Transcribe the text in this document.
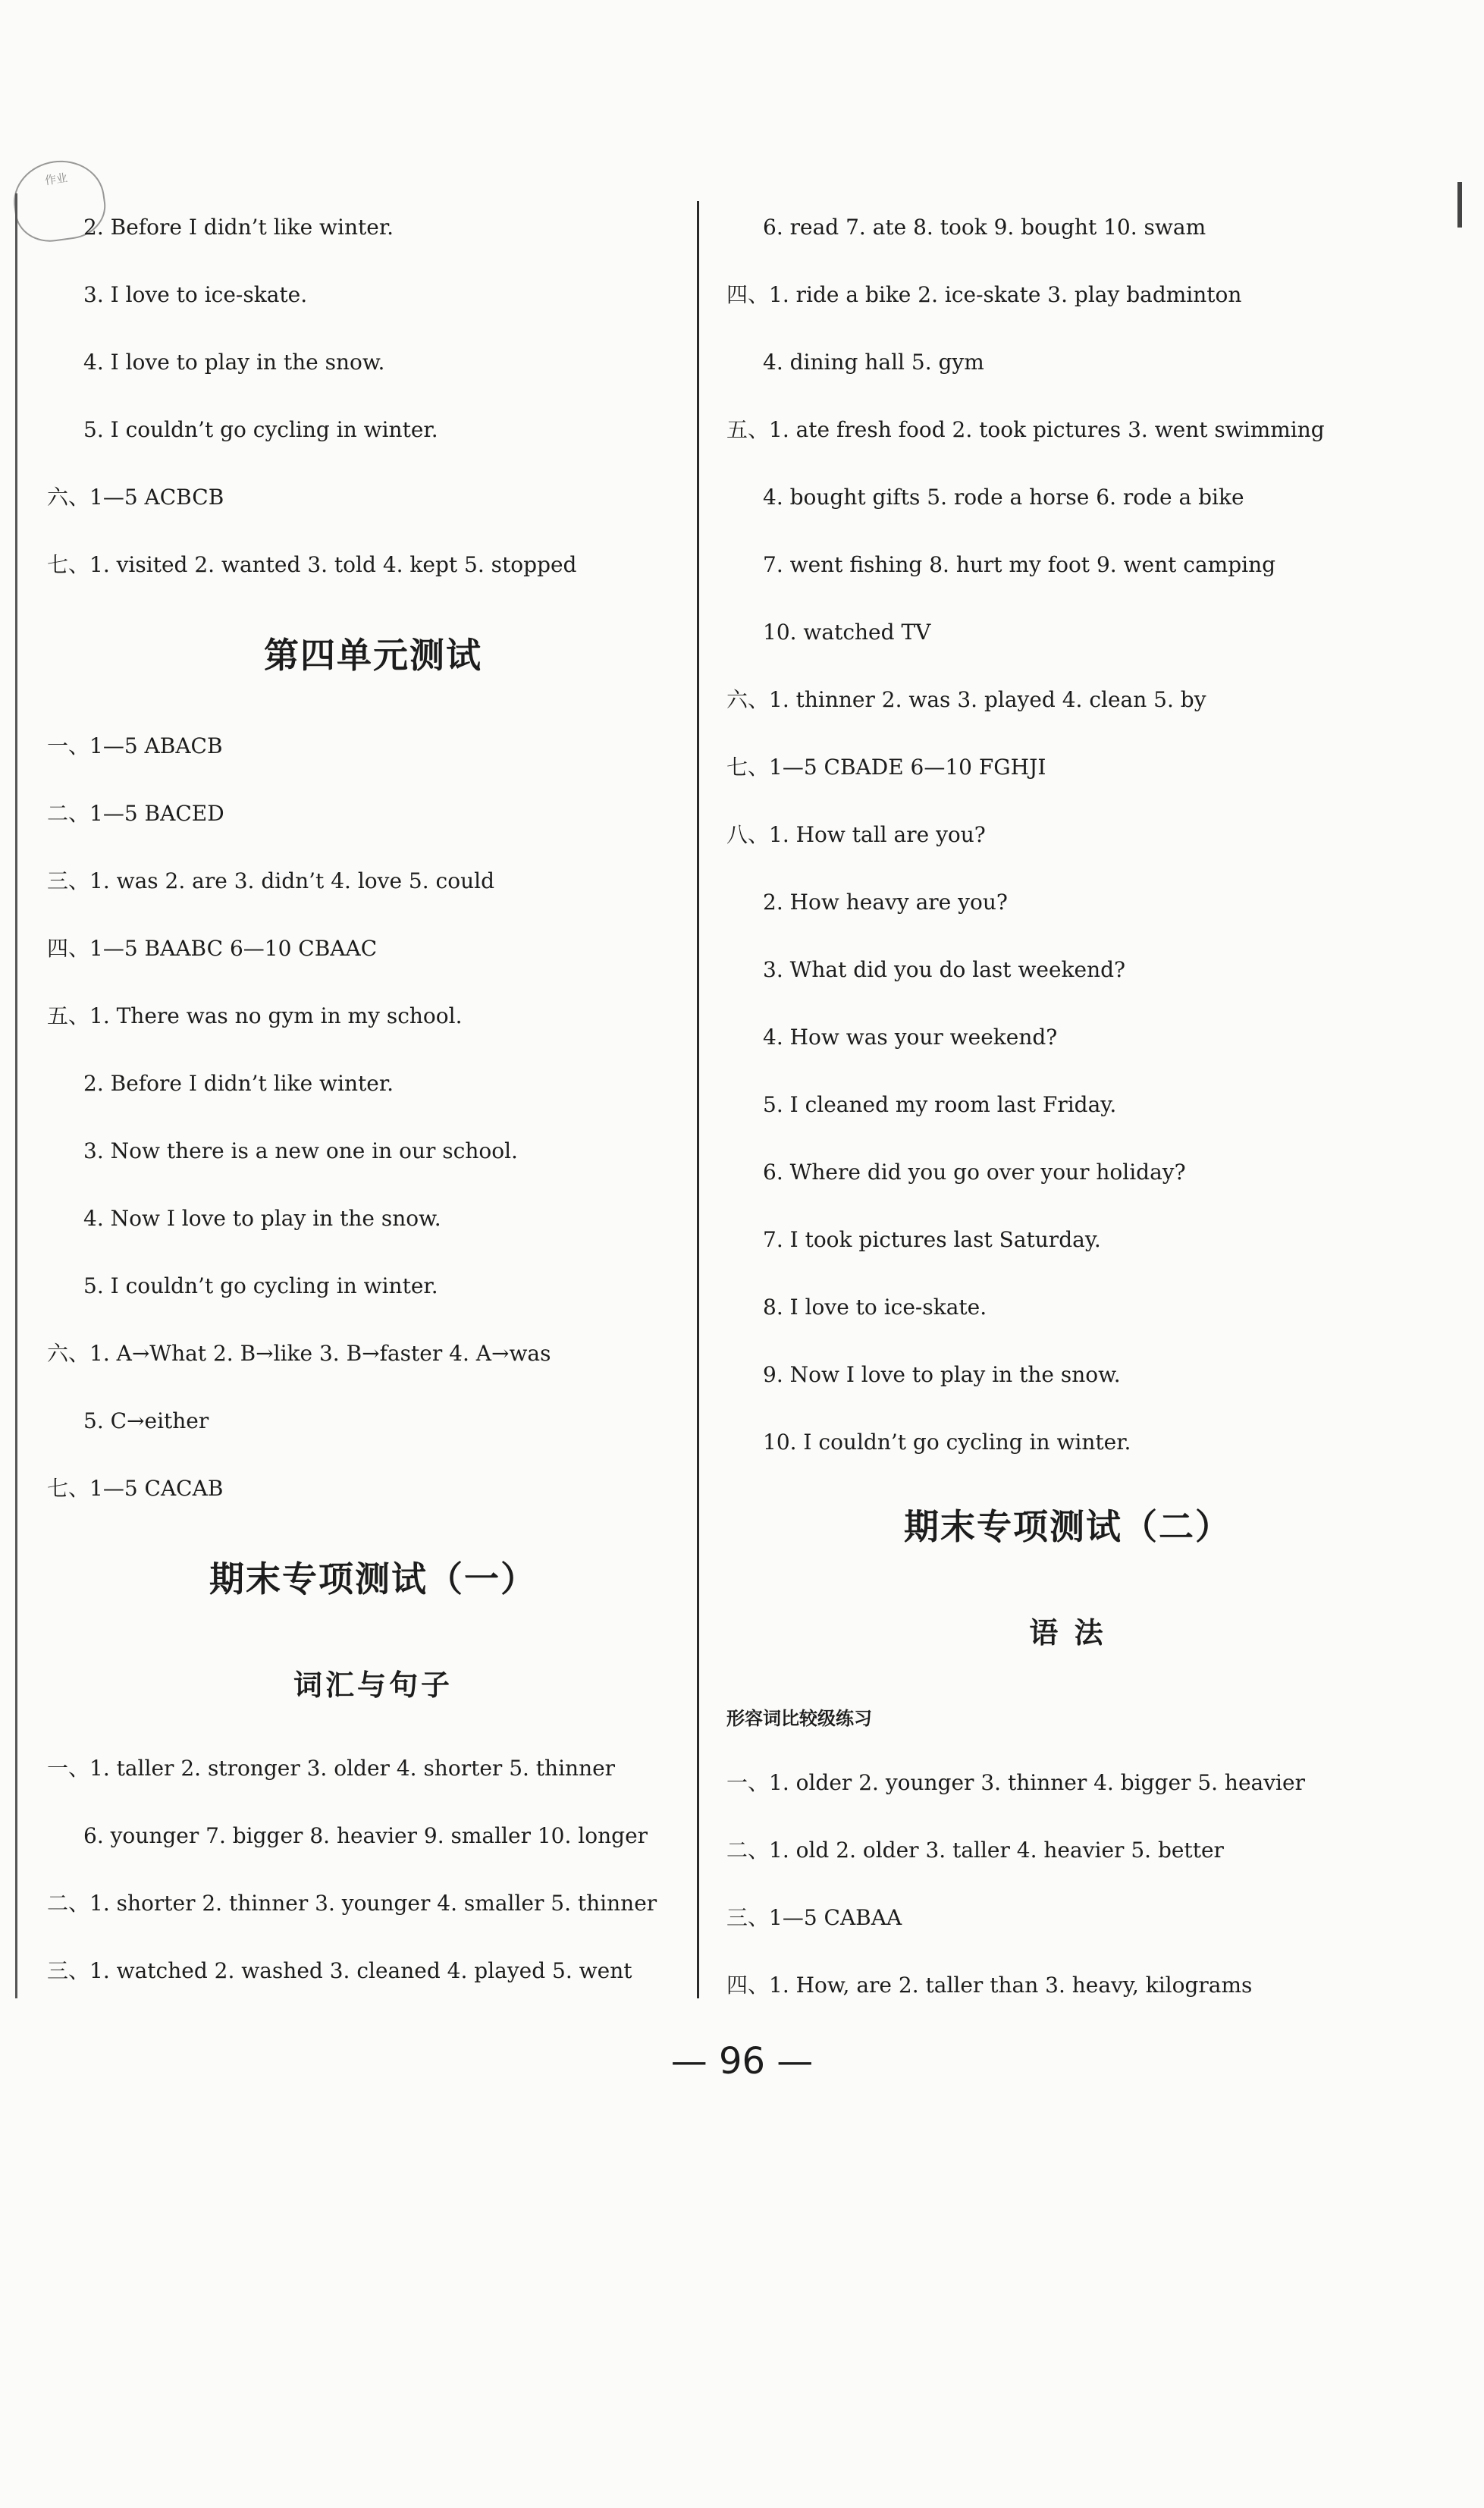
作业
2. Before I didn’t like winter.
3. I love to ice-skate.
4. I love to play in the snow.
5. I couldn’t go cycling in winter.
六、1—5 ACBCB
七、1. visited 2. wanted 3. told 4. kept 5. stopped
第四单元测试
一、1—5 ABACB
二、1—5 BACED
三、1. was 2. are 3. didn’t 4. love 5. could
四、1—5 BAABC 6—10 CBAAC
五、1. There was no gym in my school.
2. Before I didn’t like winter.
3. Now there is a new one in our school.
4. Now I love to play in the snow.
5. I couldn’t go cycling in winter.
六、1. A→What 2. B→like 3. B→faster 4. A→was
5. C→either
七、1—5 CACAB
期末专项测试（一）
词汇与句子
一、1. taller 2. stronger 3. older 4. shorter 5. thinner
6. younger 7. bigger 8. heavier 9. smaller 10. longer
二、1. shorter 2. thinner 3. younger 4. smaller 5. thinner
三、1. watched 2. washed 3. cleaned 4. played 5. went
6. read 7. ate 8. took 9. bought 10. swam
四、1. ride a bike 2. ice-skate 3. play badminton
4. dining hall 5. gym
五、1. ate fresh food 2. took pictures 3. went swimming
4. bought gifts 5. rode a horse 6. rode a bike
7. went fishing 8. hurt my foot 9. went camping
10. watched TV
六、1. thinner 2. was 3. played 4. clean 5. by
七、1—5 CBADE 6—10 FGHJI
八、1. How tall are you?
2. How heavy are you?
3. What did you do last weekend?
4. How was your weekend?
5. I cleaned my room last Friday.
6. Where did you go over your holiday?
7. I took pictures last Saturday.
8. I love to ice-skate.
9. Now I love to play in the snow.
10. I couldn’t go cycling in winter.
期末专项测试（二）
语 法
形容词比较级练习
一、1. older 2. younger 3. thinner 4. bigger 5. heavier
二、1. old 2. older 3. taller 4. heavier 5. better
三、1—5 CABAA
四、1. How, are 2. taller than 3. heavy, kilograms
— 96 —
